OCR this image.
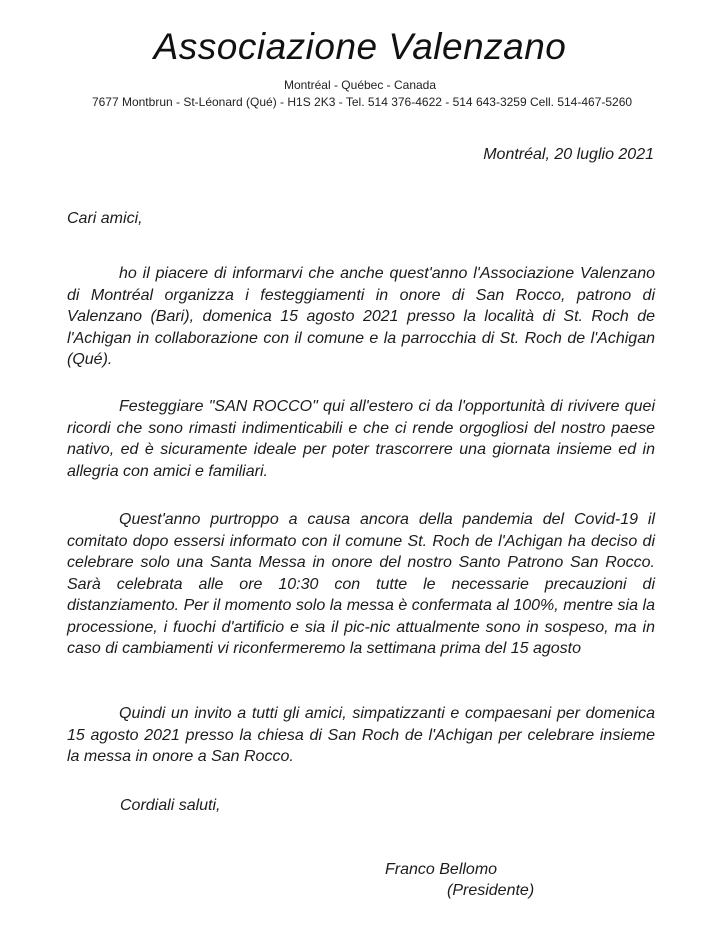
Associazione Valenzano
Montréal - Québec - Canada
7677 Montbrun - St-Léonard (Qué) - H1S 2K3 - Tel. 514 376-4622 - 514 643-3259 Cell. 514-467-5260
Montréal, 20 luglio 2021
Cari amici,

ho il piacere di informarvi che anche quest'anno l'Associazione Valenzano di Montréal organizza i festeggiamenti in onore di San Rocco, patrono di Valenzano (Bari), domenica 15 agosto 2021 presso la località di St. Roch de l'Achigan in collaborazione con il comune e la parrocchia di St. Roch de l'Achigan (Qué).

Festeggiare "SAN ROCCO" qui all'estero ci da l'opportunità di rivivere quei ricordi che sono rimasti indimenticabili e che ci rende orgogliosi del nostro paese nativo, ed è sicuramente ideale per poter trascorrere una giornata insieme ed in allegria con amici e familiari.

Quest'anno purtroppo a causa ancora della pandemia del Covid-19 il comitato dopo essersi informato con il comune St. Roch de l'Achigan ha deciso di celebrare solo una Santa Messa in onore del nostro Santo Patrono San Rocco. Sarà celebrata alle ore 10:30 con tutte le necessarie precauzioni di distanziamento. Per il momento solo la messa è confermata al 100%, mentre sia la processione, i fuochi d'artificio e sia il pic-nic attualmente sono in sospeso, ma in caso di cambiamenti vi riconfermeremo la settimana prima del 15 agosto

Quindi un invito a tutti gli amici, simpatizzanti e compaesani per domenica 15 agosto 2021 presso la chiesa di San Roch de l'Achigan per celebrare insieme la messa in onore a San Rocco.

Cordiali saluti,
Franco Bellomo
(Presidente)
